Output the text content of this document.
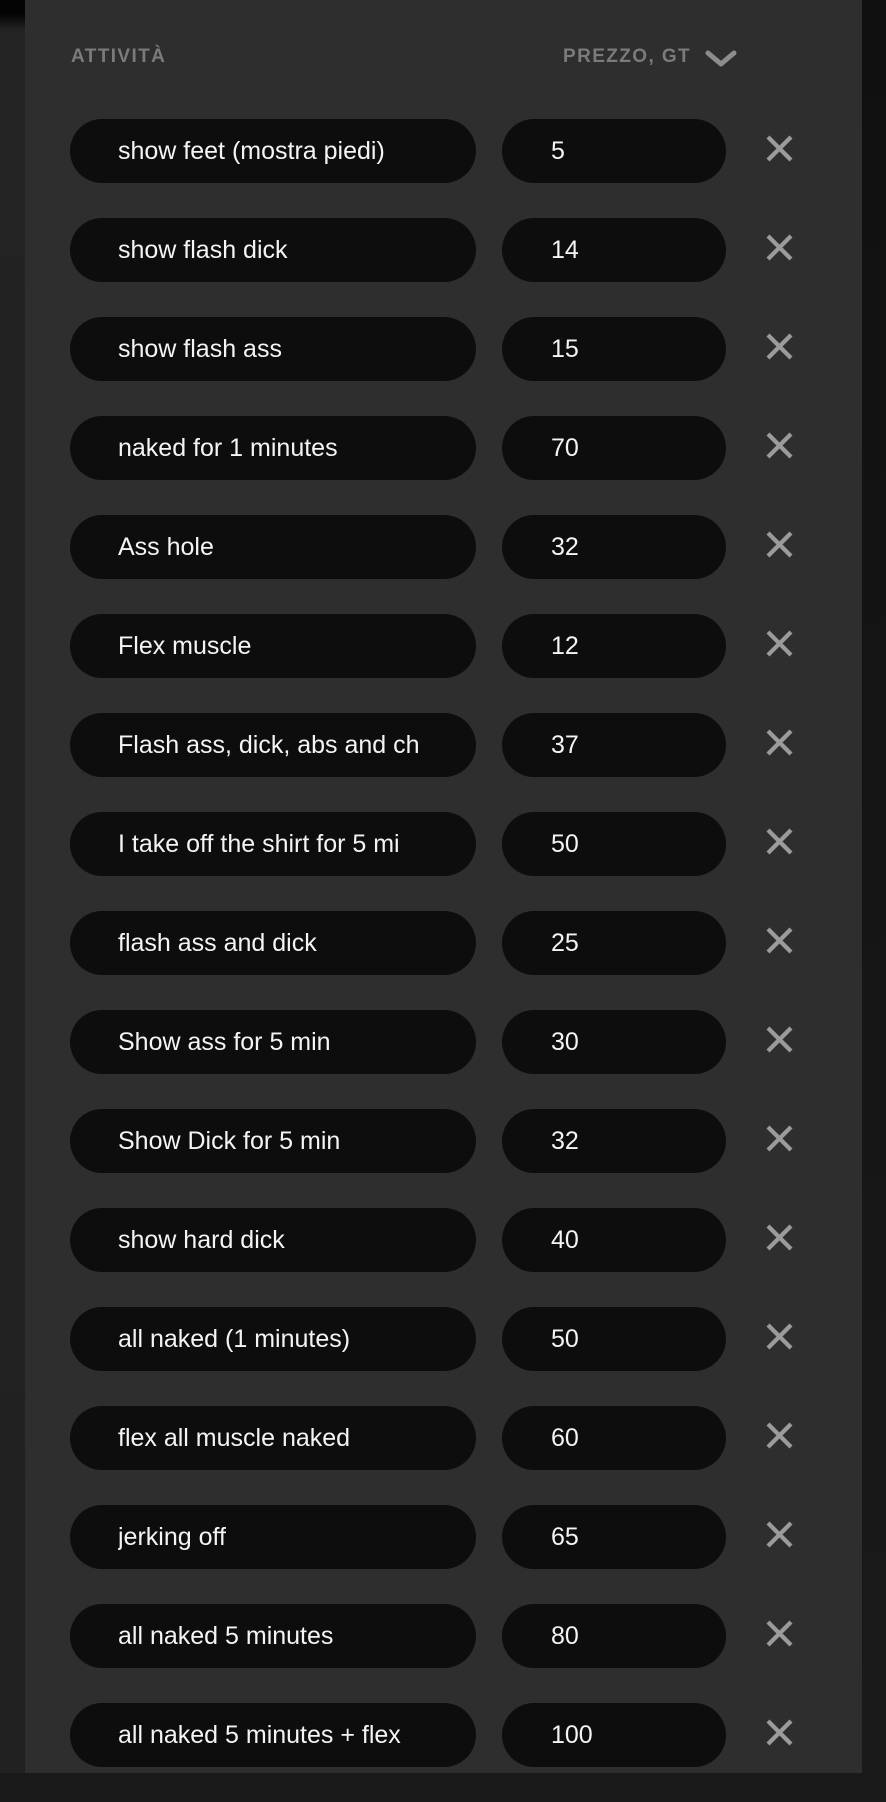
ATTIVITÀ	PREZZO, GT
show feet (mostra piedi)	5
show flash dick	14
show flash ass	15
naked for 1 minutes	70
Ass hole	32
Flex muscle	12
Flash ass, dick, abs and ch	37
I take off the shirt for 5 mi	50
flash ass and dick	25
Show ass for 5 min	30
Show Dick for 5 min	32
show hard dick	40
all naked (1 minutes)	50
flex all muscle naked	60
jerking off	65
all naked 5 minutes	80
all naked 5 minutes + flex	100
